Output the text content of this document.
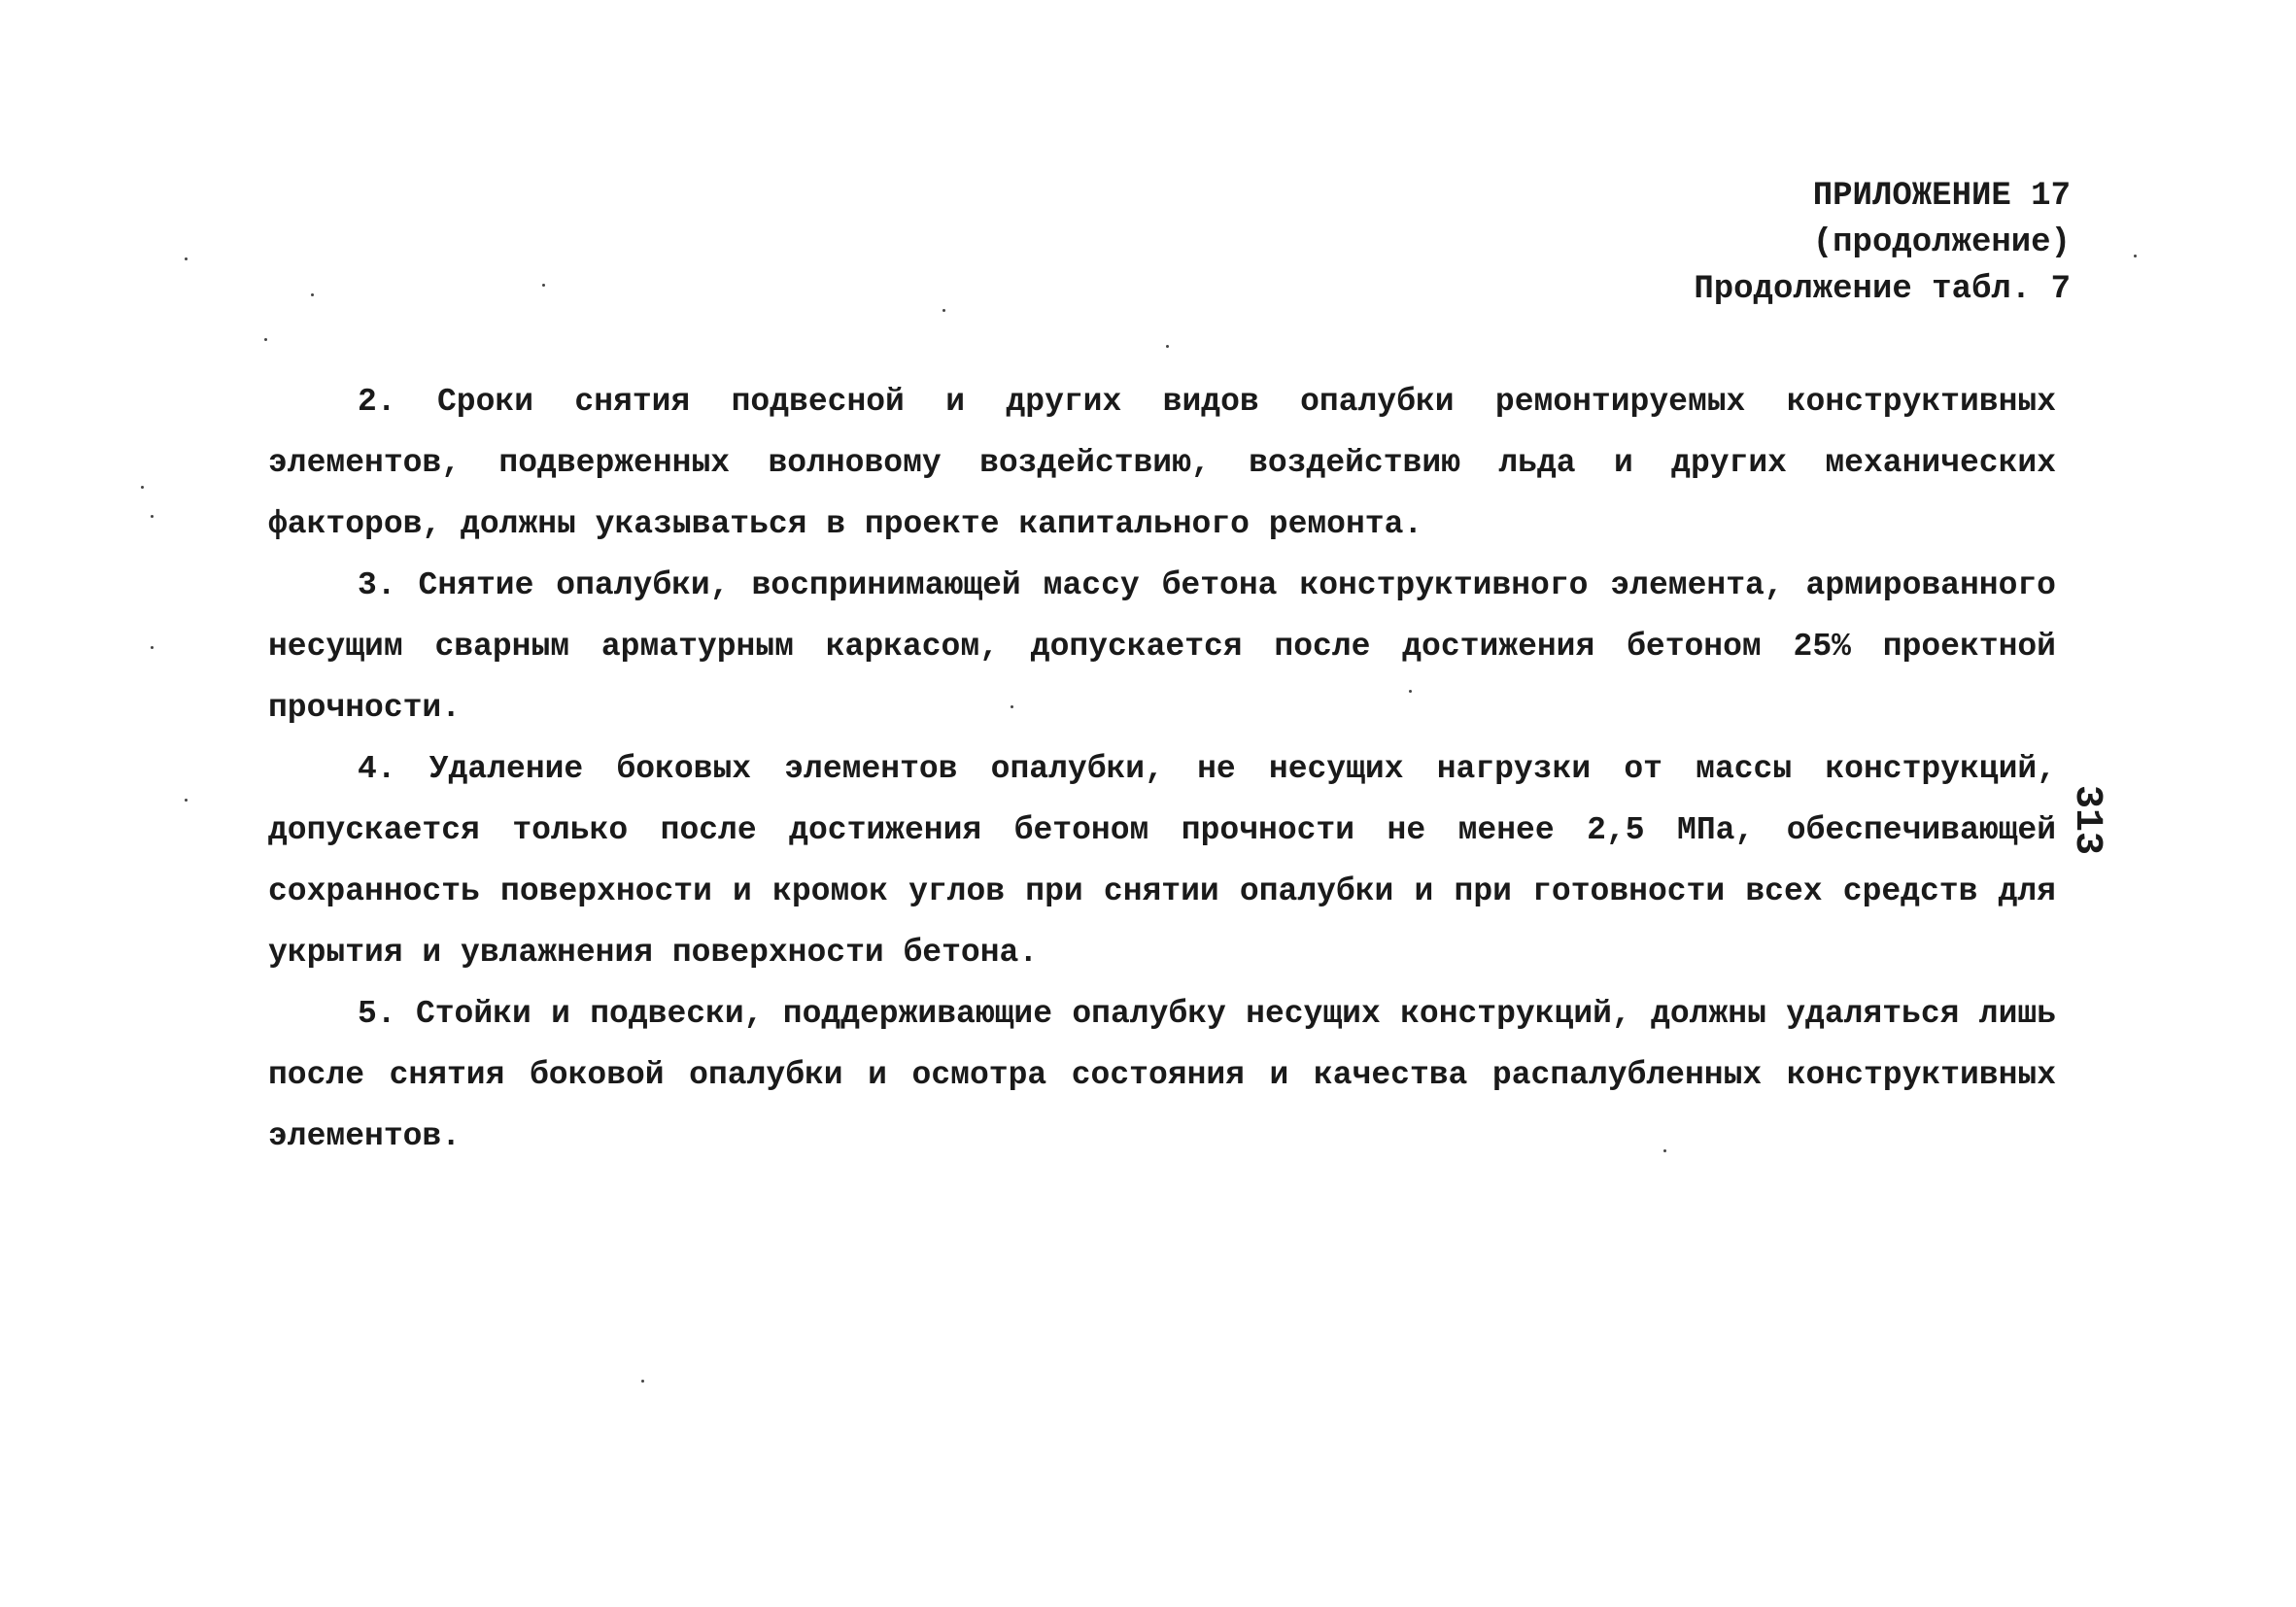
ПРИЛОЖЕНИЕ 17
(продолжение)
Продолжение табл. 7

2. Сроки снятия подвесной и других видов опалубки ремонтируемых конструктивных элементов, подверженных волновому воздействию, воздействию льда и других механических факторов, должны указываться в проекте капитального ремонта.

3. Снятие опалубки, воспринимающей массу бетона конструктивного элемента, армированного несущим сварным арматурным каркасом, допускается после достижения бетоном 25% проектной прочности.

4. Удаление боковых элементов опалубки, не несущих нагрузки от массы конструкций, допускается только после достижения бетоном прочности не менее 2,5 МПа, обеспечивающей сохранность поверхности и кромок углов при снятии опалубки и при готовности всех средств для укрытия и увлажнения поверхности бетона.

5. Стойки и подвески, поддерживающие опалубку несущих конструкций, должны удаляться лишь после снятия боковой опалубки и осмотра состояния и качества распалубленных конструктивных элементов.

313
